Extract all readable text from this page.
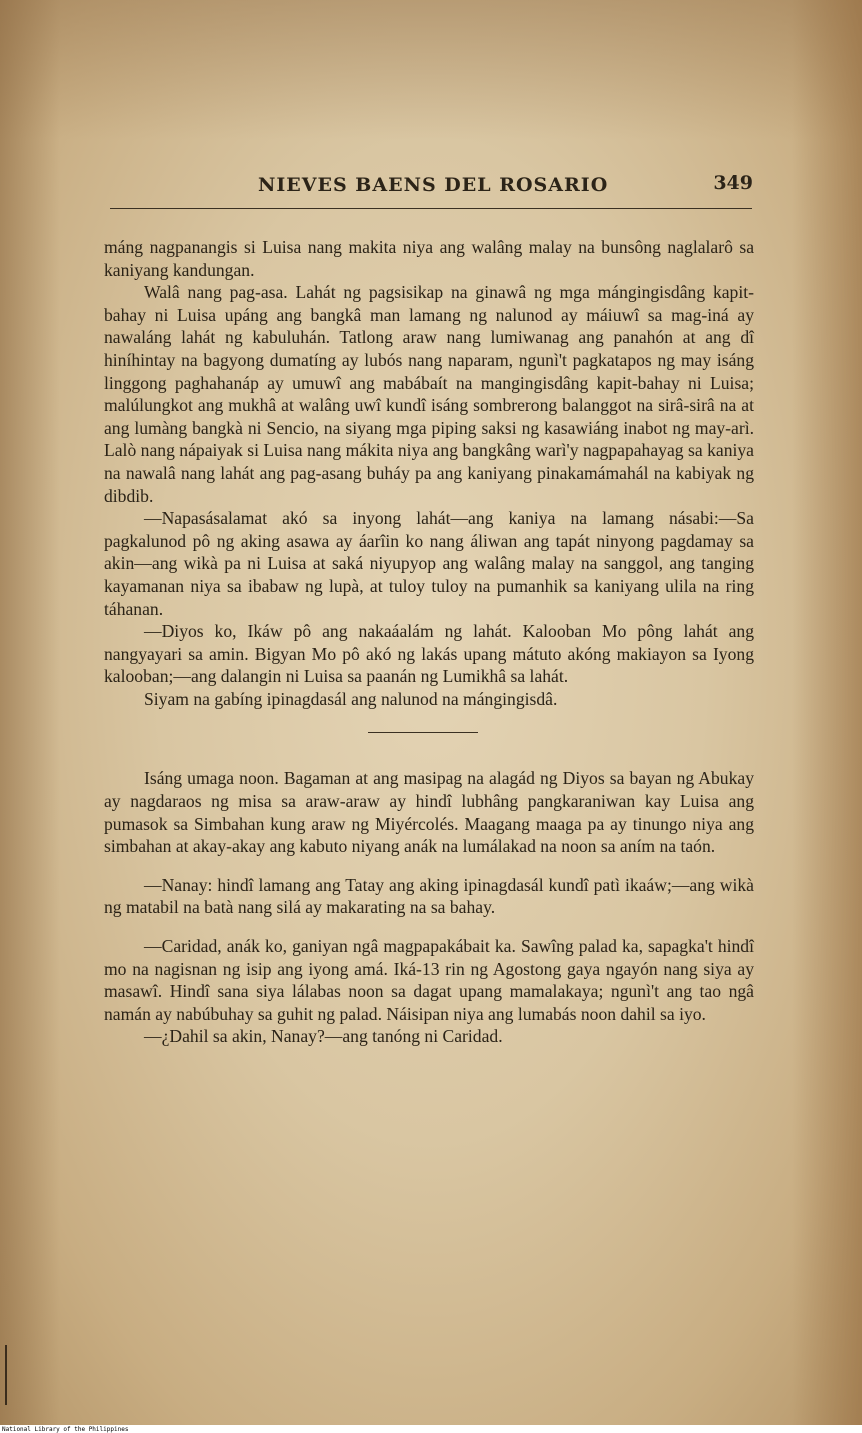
NIEVES BAENS DEL ROSARIO	349

máng nagpanangis si Luisa nang makita niya ang walâng malay na bunsông naglalarô sa kaniyang kandungan.

Walâ nang pag-asa. Lahát ng pagsisikap na ginawâ ng mga mángingisdâng kapit-bahay ni Luisa upáng ang bangkâ man lamang ng nalunod ay máiuwî sa mag-iná ay nawaláng lahát ng kabuluhán. Tatlong araw nang lumiwanag ang panahón at ang dî hiníhintay na bagyong dumatíng ay lubós nang naparam, ngunì't pagkatapos ng may isáng linggong paghahanáp ay umuwî ang mabábaít na mangingisdâng kapit-bahay ni Luisa; malúlungkot ang mukhâ at walâng uwî kundî isáng sombrerong balanggot na sirâ-sirâ na at ang lumàng bangkà ni Sencio, na siyang mga piping saksi ng kasawiáng inabot ng may-arì. Lalò nang nápaiyak si Luisa nang mákita niya ang bangkâng warì'y nagpapahayag sa kaniya na nawalâ nang lahát ang pag-asang buháy pa ang kaniyang pinakamámahál na kabiyak ng dibdib.

—Napasásalamat akó sa inyong lahát—ang kaniya na lamang násabi:—Sa pagkalunod pô ng aking asawa ay áarîin ko nang áliwan ang tapát ninyong pagdamay sa akin—ang wikà pa ni Luisa at saká niyupyop ang walâng malay na sanggol, ang tanging kayamanan niya sa ibabaw ng lupà, at tuloy tuloy na pumanhik sa kaniyang ulila na ring táhanan.

—Diyos ko, Ikáw pô ang nakaáalám ng lahát. Kalooban Mo pông lahát ang nangyayari sa amin. Bigyan Mo pô akó ng lakás upang mátuto akóng makiayon sa Iyong kalooban;—ang dalangin ni Luisa sa paanán ng Lumikhâ sa lahát.

Siyam na gabíng ipinagdasál ang nalunod na mángingisdâ.

Isáng umaga noon. Bagaman at ang masipag na alagád ng Diyos sa bayan ng Abukay ay nagdaraos ng misa sa araw-araw ay hindî lubhâng pangkaraniwan kay Luisa ang pumasok sa Simbahan kung araw ng Miyércolés. Maagang maaga pa ay tinungo niya ang simbahan at akay-akay ang kabuto niyang anák na lumálakad na noon sa aním na taón.

—Nanay: hindî lamang ang Tatay ang aking ipinagdasál kundî patì ikaáw;—ang wikà ng matabil na batà nang silá ay makarating na sa bahay.

—Caridad, anák ko, ganiyan ngâ magpapakábait ka. Sawîng palad ka, sapagka't hindî mo na nagisnan ng isip ang iyong amá. Iká-13 rin ng Agostong gaya ngayón nang siya ay masawî. Hindî sana siya lálabas noon sa dagat upang mamalakaya; ngunì't ang tao ngâ namán ay nabúbuhay sa guhit ng palad. Náisipan niya ang lumabás noon dahil sa iyo.

—¿Dahil sa akin, Nanay?—ang tanóng ni Caridad.

National Library of the Philippines
